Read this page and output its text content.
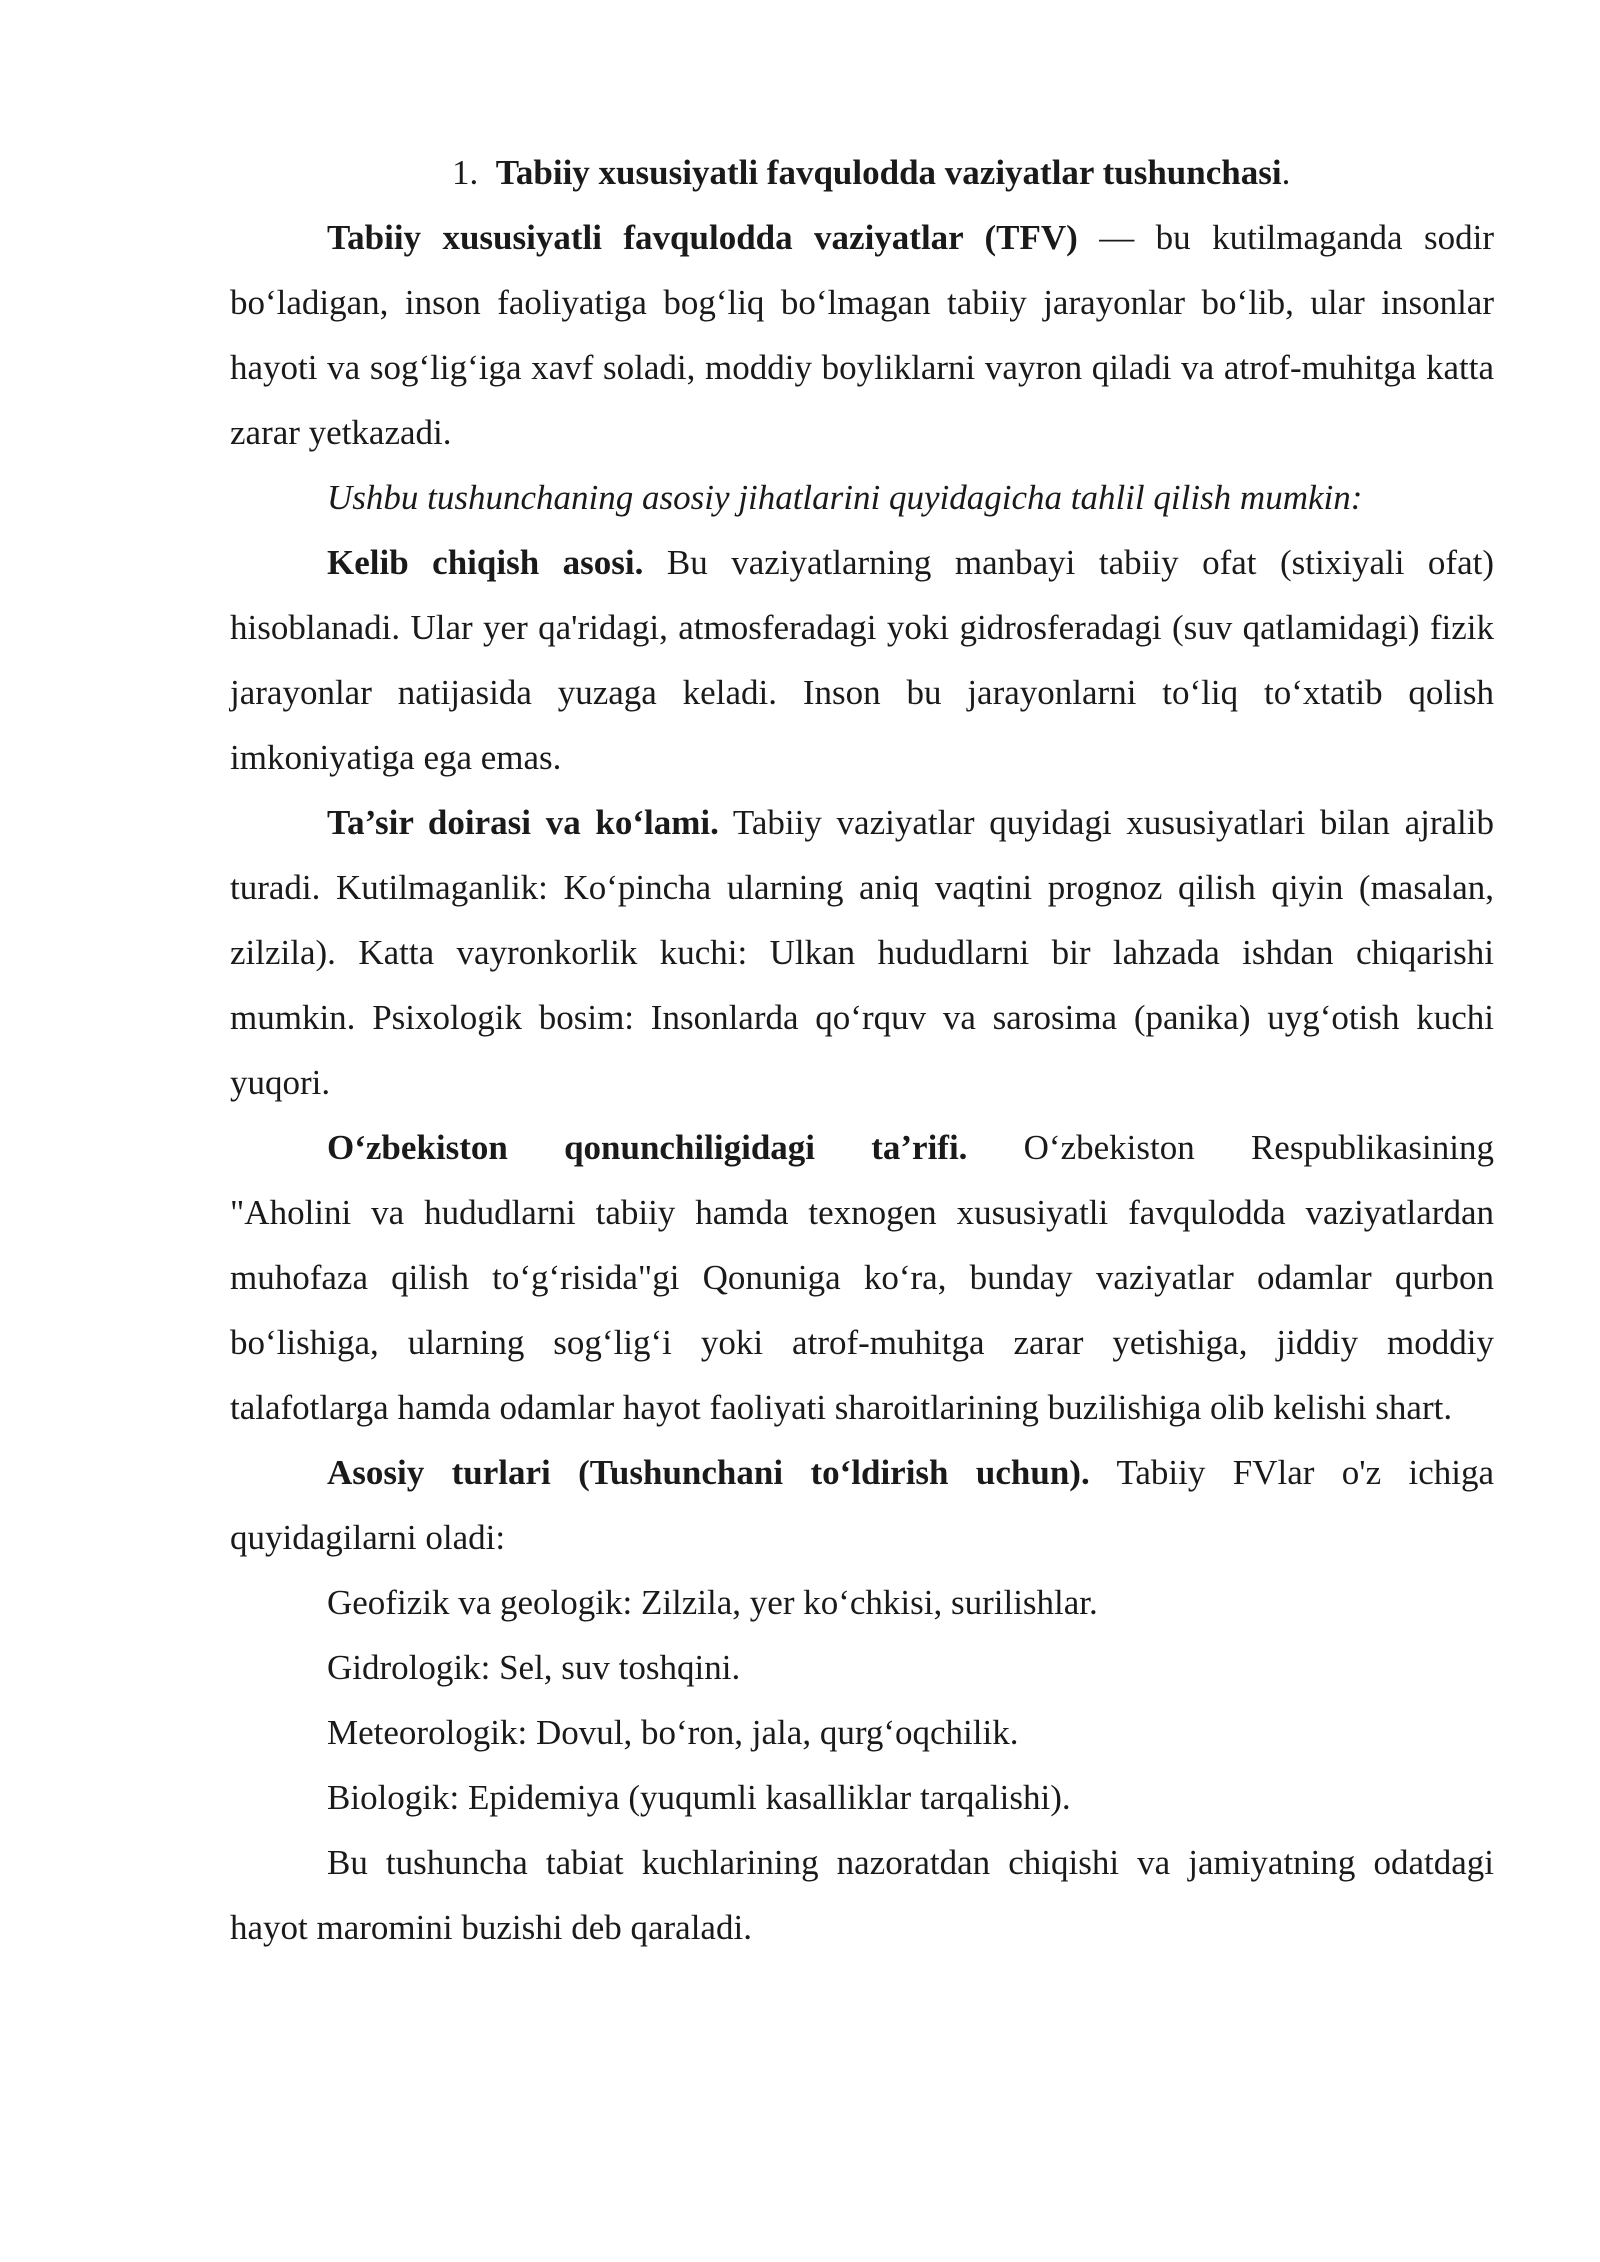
1. Tabiiy xususiyatli favqulodda vaziyatlar tushunchasi.

Tabiiy xususiyatli favqulodda vaziyatlar (TFV) — bu kutilmaganda sodir bo‘ladigan, inson faoliyatiga bog‘liq bo‘lmagan tabiiy jarayonlar bo‘lib, ular insonlar hayoti va sog‘lig‘iga xavf soladi, moddiy boyliklarni vayron qiladi va atrof-muhitga katta zarar yetkazadi.

Ushbu tushunchaning asosiy jihatlarini quyidagicha tahlil qilish mumkin:

Kelib chiqish asosi. Bu vaziyatlarning manbayi tabiiy ofat (stixiyali ofat) hisoblanadi. Ular yer qa'ridagi, atmosferadagi yoki gidrosferadagi (suv qatlamidagi) fizik jarayonlar natijasida yuzaga keladi. Inson bu jarayonlarni to‘liq to‘xtatib qolish imkoniyatiga ega emas.

Ta’sir doirasi va ko‘lami. Tabiiy vaziyatlar quyidagi xususiyatlari bilan ajralib turadi. Kutilmaganlik: Ko‘pincha ularning aniq vaqtini prognoz qilish qiyin (masalan, zilzila). Katta vayronkorlik kuchi: Ulkan hududlarni bir lahzada ishdan chiqarishi mumkin. Psixologik bosim: Insonlarda qo‘rquv va sarosima (panika) uyg‘otish kuchi yuqori.

O‘zbekiston qonunchiligidagi ta’rifi. O‘zbekiston Respublikasining

"Aholini va hududlarni tabiiy hamda texnogen xususiyatli favqulodda vaziyatlardan muhofaza qilish to‘g‘risida"gi Qonuniga ko‘ra, bunday vaziyatlar odamlar qurbon bo‘lishiga, ularning sog‘lig‘i yoki atrof-muhitga zarar yetishiga, jiddiy moddiy talafotlarga hamda odamlar hayot faoliyati sharoitlarining buzilishiga olib kelishi shart.

Asosiy turlari (Tushunchani to‘ldirish uchun). Tabiiy FVlar o'z ichiga quyidagilarni oladi:

Geofizik va geologik: Zilzila, yer ko‘chkisi, surilishlar.

Gidrologik: Sel, suv toshqini.

Meteorologik: Dovul, bo‘ron, jala, qurg‘oqchilik.

Biologik: Epidemiya (yuqumli kasalliklar tarqalishi).

Bu tushuncha tabiat kuchlarining nazoratdan chiqishi va jamiyatning odatdagi hayot maromini buzishi deb qaraladi.
